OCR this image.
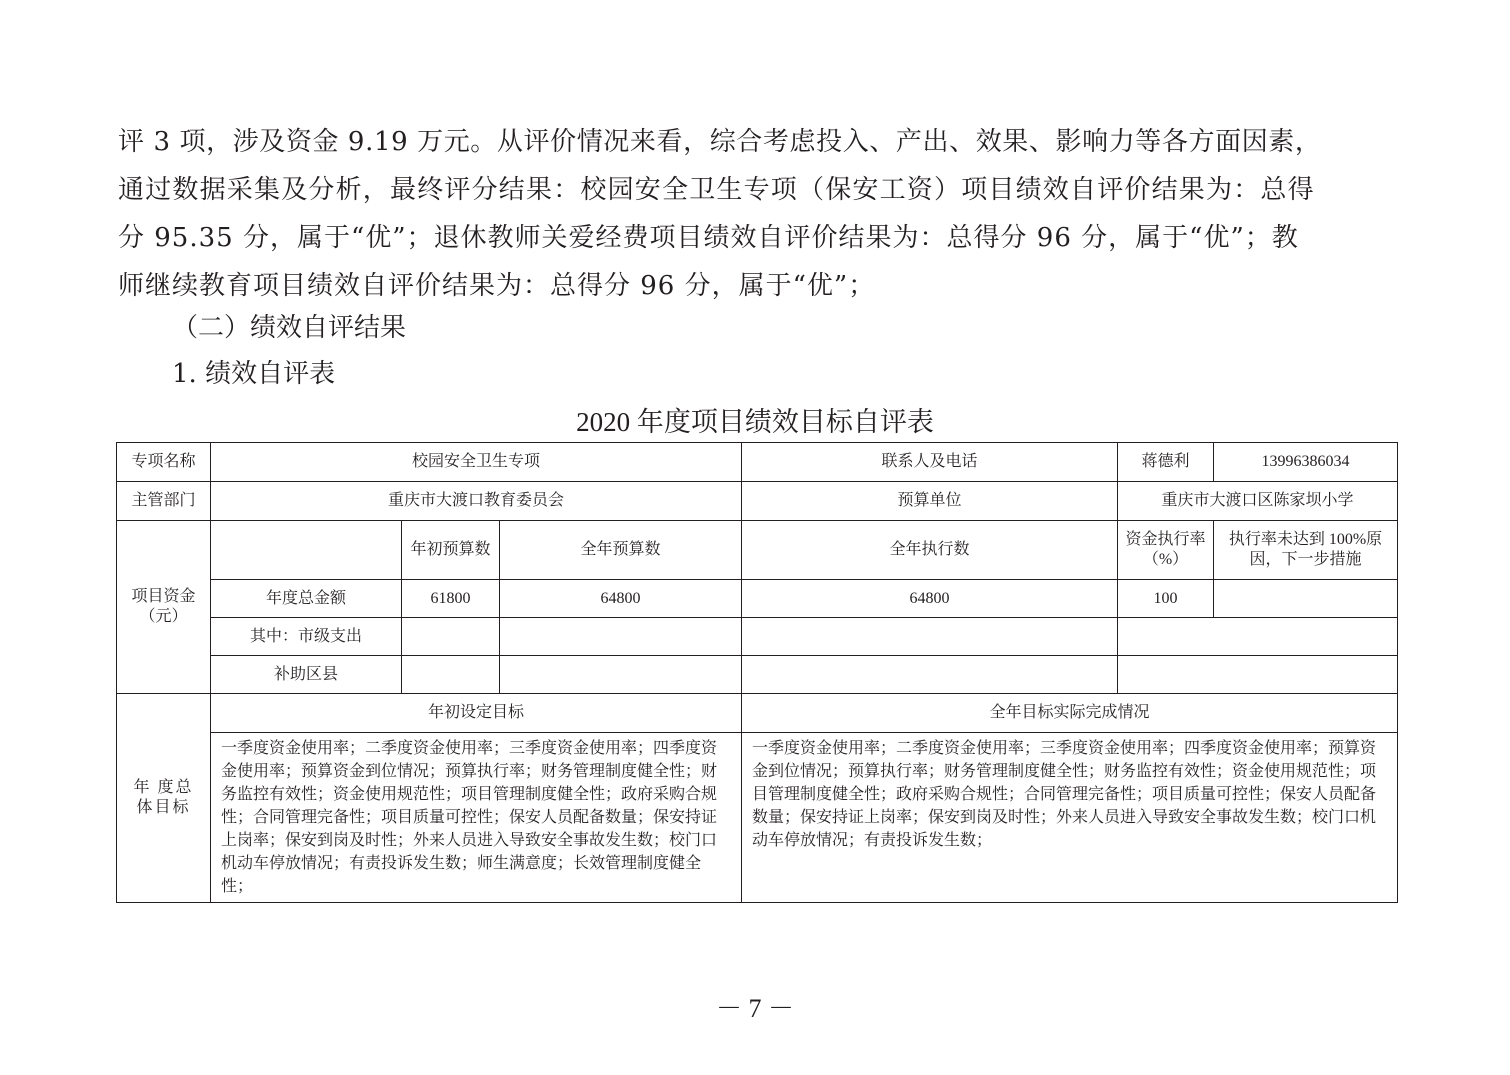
评 3 项，涉及资金 9.19 万元。从评价情况来看，综合考虑投入、产出、效果、影响力等各方面因素，
通过数据采集及分析，最终评分结果：校园安全卫生专项（保安工资）项目绩效自评价结果为：总得
分 95.35 分，属于“优”；退休教师关爱经费项目绩效自评价结果为：总得分 96 分，属于“优”；教
师继续教育项目绩效自评价结果为：总得分 96 分，属于“优”；
（二）绩效自评结果
1. 绩效自评表
2020 年度项目绩效目标自评表
专项名称	校园安全卫生专项			联系人及电话	蒋德利	13996386034
主管部门	重庆市大渡口教育委员会			预算单位	重庆市大渡口区陈家坝小学	
项目资金（元）		年初预算数	全年预算数	全年执行数	资金执行率（%）	执行率未达到 100%原因，下一步措施
	年度总金额	61800	64800	64800	100	
	其中：市级支出					
	补助区县					
年 度总体目标	年初设定目标			全年目标实际完成情况		
	一季度资金使用率；二季度资金使用率；三季度资金使用率；四季度资金使用率；预算资金到位情况；预算执行率；财务管理制度健全性；财务监控有效性；资金使用规范性；项目管理制度健全性；政府采购合规性；合同管理完备性；项目质量可控性；保安人员配备数量；保安持证上岗率；保安到岗及时性；外来人员进入导致安全事故发生数；校门口机动车停放情况；有责投诉发生数；师生满意度；长效管理制度健全性；			一季度资金使用率；二季度资金使用率；三季度资金使用率；四季度资金使用率；预算资金到位情况；预算执行率；财务管理制度健全性；财务监控有效性；资金使用规范性；项目管理制度健全性；政府采购合规性；合同管理完备性；项目质量可控性；保安人员配备数量；保安持证上岗率；保安到岗及时性；外来人员进入导致安全事故发生数；校门口机动车停放情况；有责投诉发生数；		
－ 7 －
